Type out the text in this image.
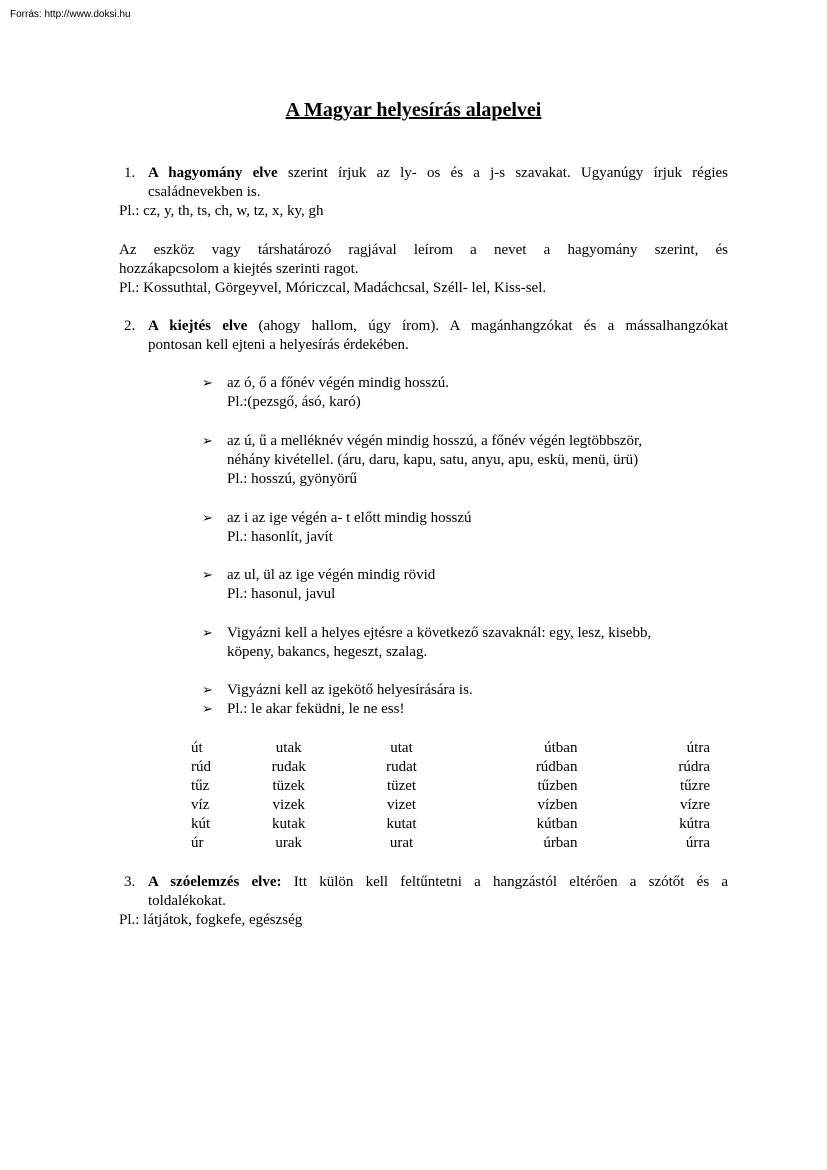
Forrás: http://www.doksi.hu
A Magyar helyesírás alapelvei
1. A hagyomány elve szerint írjuk az ly- os és a j-s szavakat. Ugyanúgy írjuk régies
családnevekben is.
Pl.: cz, y, th, ts, ch, w, tz, x, ky, gh
Az eszköz vagy társhatározó ragjával leírom a nevet a hagyomány szerint, és
hozzákapcsolom a kiejtés szerinti ragot.
Pl.: Kossuthtal, Görgeyvel, Móriczcal, Madáchcsal, Széll- lel, Kiss-sel.
2. A kiejtés elve (ahogy hallom, úgy írom). A magánhangzókat és a mássalhangzókat
pontosan kell ejteni a helyesírás érdekében.
➢ az ó, ő a főnév végén mindig hosszú.
Pl.:(pezsgő, ásó, karó)
➢ az ú, ű a melléknév végén mindig hosszú, a főnév végén legtöbbször,
néhány kivétellel. (áru, daru, kapu, satu, anyu, apu, eskü, menü, ürü)
Pl.: hosszú, gyönyörű
➢ az i az ige végén a- t előtt mindig hosszú
Pl.: hasonlít, javít
➢ az ul, ül az ige végén mindig rövid
Pl.: hasonul, javul
➢ Vigyázni kell a helyes ejtésre a következő szavaknál: egy, lesz, kisebb,
köpeny, bakancs, hegeszt, szalag.
➢ Vigyázni kell az igekötő helyesírására is.
➢ Pl.: le akar feküdni, le ne ess!
út	utak	utat	útban	útra
rúd	rudak	rudat	rúdban	rúdra
tűz	tüzek	tüzet	tűzben	tűzre
víz	vizek	vizet	vízben	vízre
kút	kutak	kutat	kútban	kútra
úr	urak	urat	úrban	úrra
3. A szóelemzés elve: Itt külön kell feltűntetni a hangzástól eltérően a szótőt és a
toldalékokat.
Pl.: látjátok, fogkefe, egészség
